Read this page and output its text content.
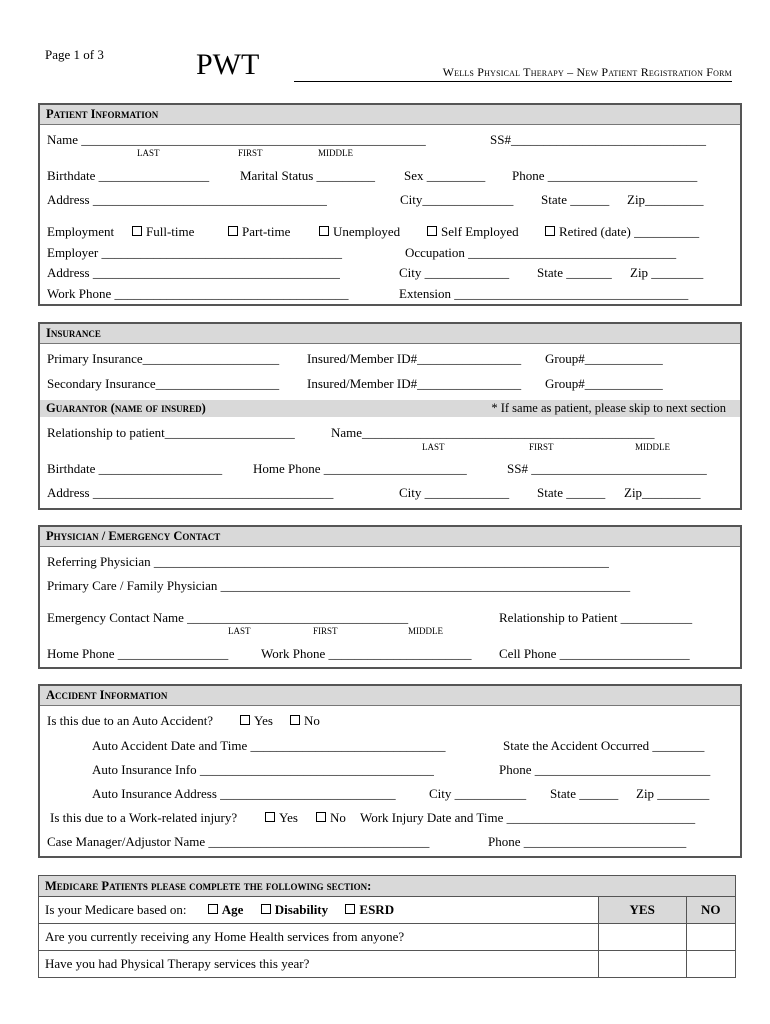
Page 1 of 3	PWT	Wells Physical Therapy – New Patient Registration Form
Patient Information
Name _____________________________________________________	SS#______________________________
LAST	FIRST	MIDDLE
Birthdate _________________ Marital Status _________ Sex _________ Phone _______________________
Address ____________________________________	City______________ State ______ Zip_________
Employment	Full-time	Part-time	Unemployed	Self Employed	Retired (date) __________
Employer _____________________________________	Occupation ________________________________
Address ______________________________________	City _____________ State _______ Zip ________
Work Phone ____________________________________	Extension ____________________________________
Insurance
Primary Insurance_____________________ Insured/Member ID#________________ Group#____________
Secondary Insurance___________________ Insured/Member ID#________________ Group#____________
Guarantor (name of insured)	* If same as patient, please skip to next section
Relationship to patient____________________	Name_____________________________________________
LAST	FIRST	MIDDLE
Birthdate ___________________ Home Phone ______________________	SS# ___________________________
Address _____________________________________	City _____________ State ______ Zip_________
Physician / Emergency Contact
Referring Physician ______________________________________________________________________
Primary Care / Family Physician _______________________________________________________________
Emergency Contact Name __________________________________	Relationship to Patient ___________
LAST	FIRST	MIDDLE
Home Phone _________________	Work Phone ______________________ Cell Phone ____________________
Accident Information
Is this due to an Auto Accident?	Yes	No
Auto Accident Date and Time ______________________________	State the Accident Occurred ________
Auto Insurance Info ____________________________________	Phone ___________________________
Auto Insurance Address ___________________________	City ___________ State ______ Zip ________
Is this due to a Work-related injury?	Yes	No Work Injury Date and Time _____________________________
Case Manager/Adjustor Name __________________________________	Phone _________________________
Medicare Patients please complete the following section:		
Is your Medicare based on: Age Disability ESRD	YES	NO
Are you currently receiving any Home Health services from anyone?		
Have you had Physical Therapy services this year?		
